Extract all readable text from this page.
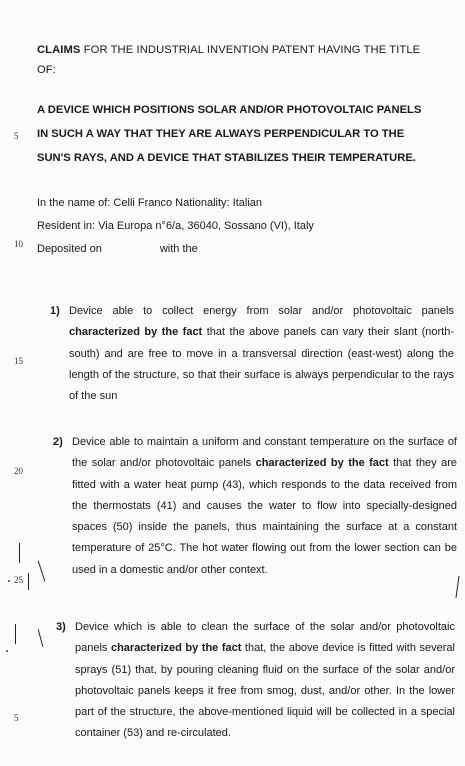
5
10
15
20
25
5
CLAIMS FOR THE INDUSTRIAL INVENTION PATENT HAVING THE TITLE
OF:
A DEVICE WHICH POSITIONS SOLAR AND/OR PHOTOVOLTAIC PANELS
IN SUCH A WAY THAT THEY ARE ALWAYS PERPENDICULAR TO THE
SUN'S RAYS, AND A DEVICE THAT STABILIZES THEIR TEMPERATURE.
In the name of: Celli Franco Nationality: Italian
Resident in: Via Europa n°6/a, 36040, Sossano (VI), Italy
Deposited on	with the
1) Device able to collect energy from solar and/or photovoltaic panels characterized by the fact that the above panels can vary their slant (north-south) and are free to move in a transversal direction (east-west) along the length of the structure, so that their surface is always perpendicular to the rays of the sun
2) Device able to maintain a uniform and constant temperature on the surface of the solar and/or photovoltaic panels characterized by the fact that they are fitted with a water heat pump (43), which responds to the data received from the thermostats (41) and causes the water to flow into specially-designed spaces (50) inside the panels, thus maintaining the surface at a constant temperature of 25°C. The hot water flowing out from the lower section can be used in a domestic and/or other context.
3) Device which is able to clean the surface of the solar and/or photovoltaic panels characterized by the fact that, the above device is fitted with several sprays (51) that, by pouring cleaning fluid on the surface of the solar and/or photovoltaic panels keeps it free from smog, dust, and/or other. In the lower part of the structure, the above-mentioned liquid will be collected in a special container (53) and re-circulated.
